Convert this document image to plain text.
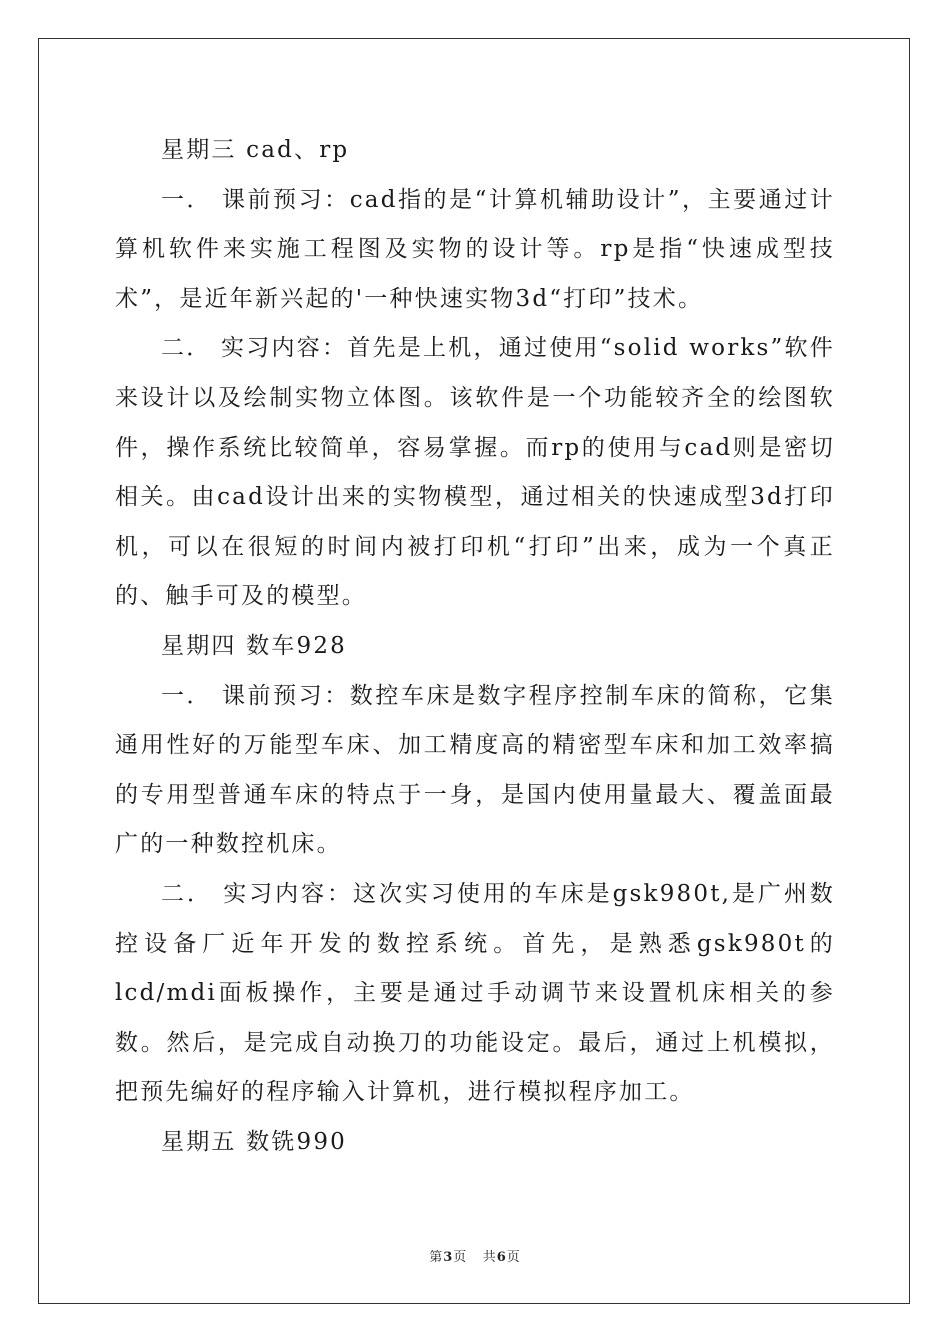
星期三 cad、rp

一． 课前预习：cad指的是“计算机辅助设计”，主要通过计算机软件来实施工程图及实物的设计等。rp是指“快速成型技术”，是近年新兴起的'一种快速实物3d“打印”技术。

二． 实习内容：首先是上机，通过使用“solid works”软件来设计以及绘制实物立体图。该软件是一个功能较齐全的绘图软件，操作系统比较简单，容易掌握。而rp的使用与cad则是密切相关。由cad设计出来的实物模型，通过相关的快速成型3d打印机，可以在很短的时间内被打印机“打印”出来，成为一个真正的、触手可及的模型。

星期四 数车928

一． 课前预习：数控车床是数字程序控制车床的简称，它集通用性好的万能型车床、加工精度高的精密型车床和加工效率搞的专用型普通车床的特点于一身，是国内使用量最大、覆盖面最广的一种数控机床。

二． 实习内容：这次实习使用的车床是gsk980t,是广州数控设备厂近年开发的数控系统。首先，是熟悉gsk980t的lcd/mdi面板操作，主要是通过手动调节来设置机床相关的参数。然后，是完成自动换刀的功能设定。最后，通过上机模拟，把预先编好的程序输入计算机，进行模拟程序加工。

星期五 数铣990

第3页 共6页
